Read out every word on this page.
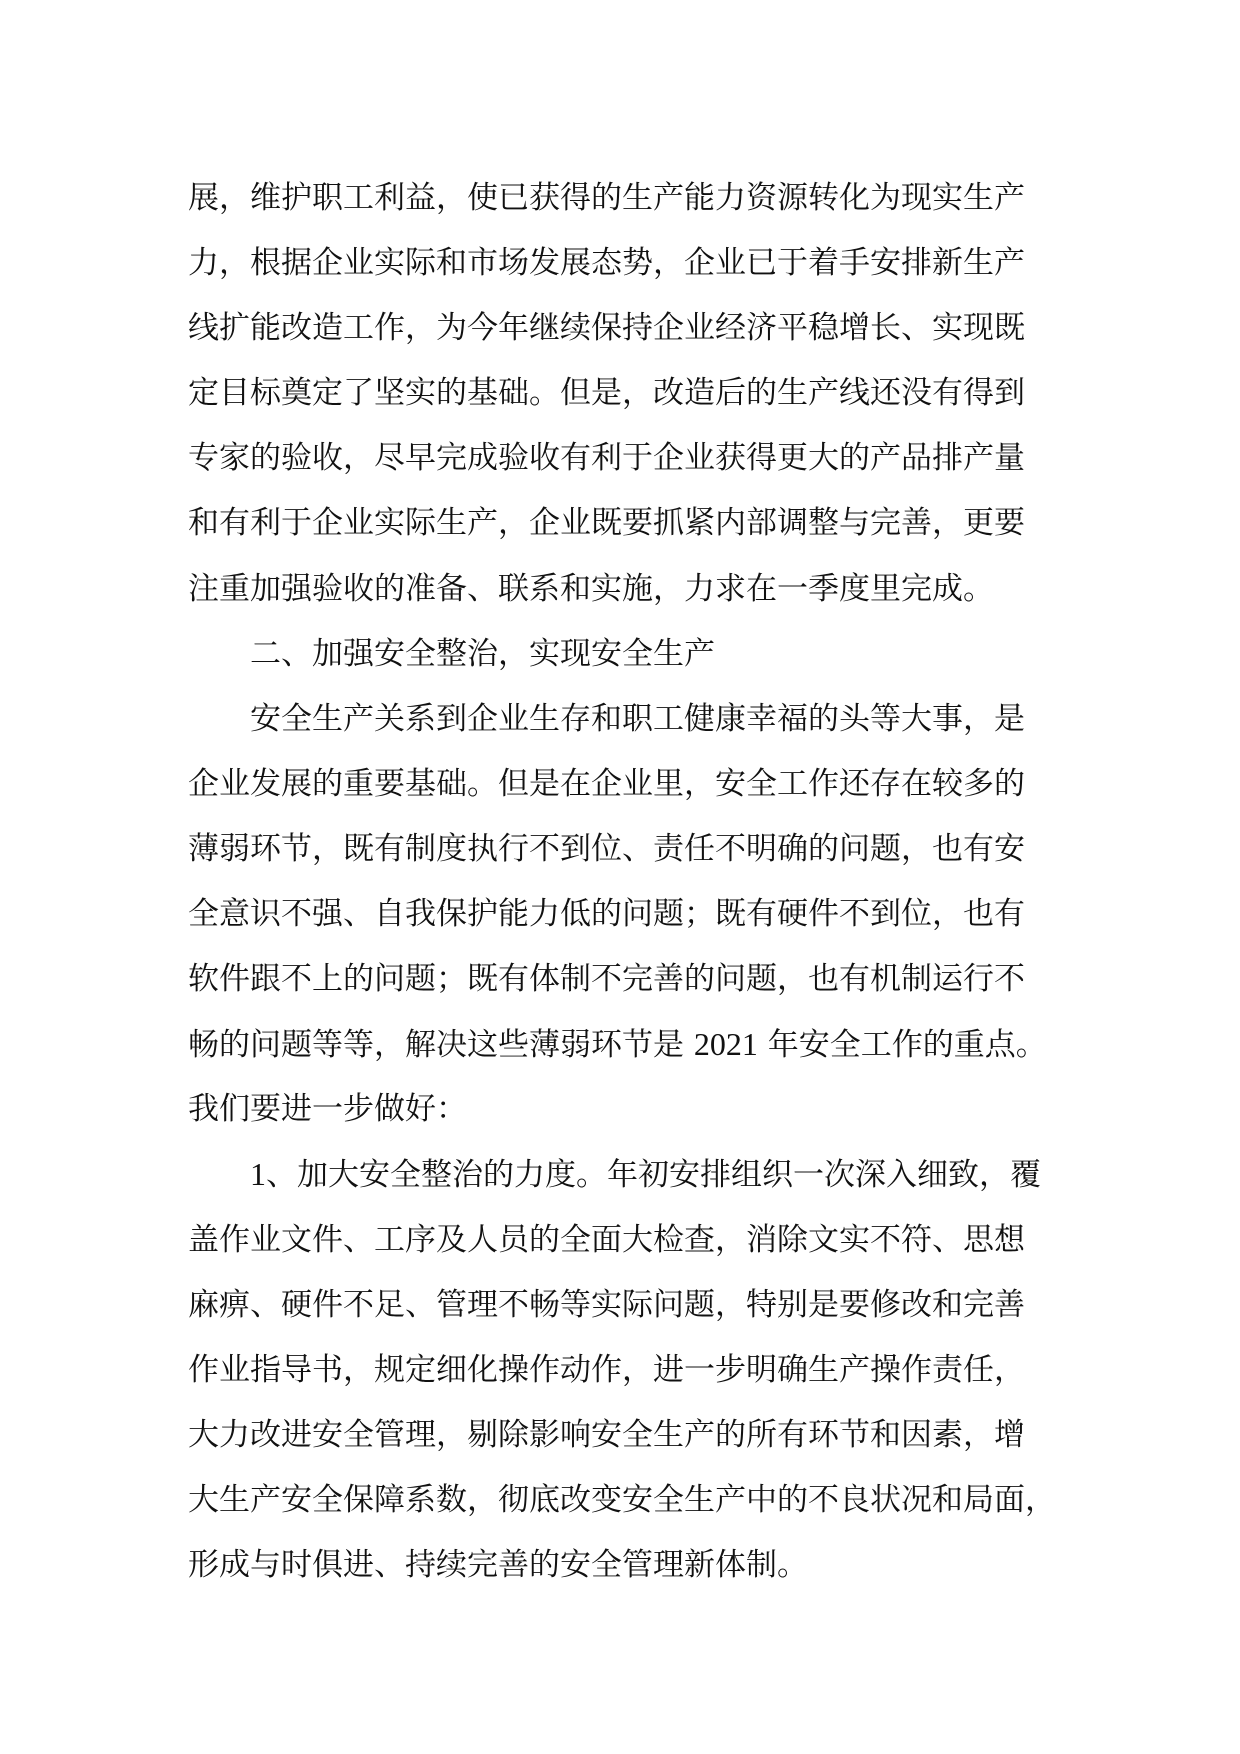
展，维护职工利益，使已获得的生产能力资源转化为现实生产
力，根据企业实际和市场发展态势，企业已于着手安排新生产
线扩能改造工作，为今年继续保持企业经济平稳增长、实现既
定目标奠定了坚实的基础。但是，改造后的生产线还没有得到
专家的验收，尽早完成验收有利于企业获得更大的产品排产量
和有利于企业实际生产，企业既要抓紧内部调整与完善，更要
注重加强验收的准备、联系和实施，力求在一季度里完成。
二、加强安全整治，实现安全生产
安全生产关系到企业生存和职工健康幸福的头等大事，是
企业发展的重要基础。但是在企业里，安全工作还存在较多的
薄弱环节，既有制度执行不到位、责任不明确的问题，也有安
全意识不强、自我保护能力低的问题；既有硬件不到位，也有
软件跟不上的问题；既有体制不完善的问题，也有机制运行不
畅的问题等等，解决这些薄弱环节是 2021 年安全工作的重点。
我们要进一步做好：
1、加大安全整治的力度。年初安排组织一次深入细致，覆
盖作业文件、工序及人员的全面大检查，消除文实不符、思想
麻痹、硬件不足、管理不畅等实际问题，特别是要修改和完善
作业指导书，规定细化操作动作，进一步明确生产操作责任，
大力改进安全管理，剔除影响安全生产的所有环节和因素，增
大生产安全保障系数，彻底改变安全生产中的不良状况和局面，
形成与时俱进、持续完善的安全管理新体制。
